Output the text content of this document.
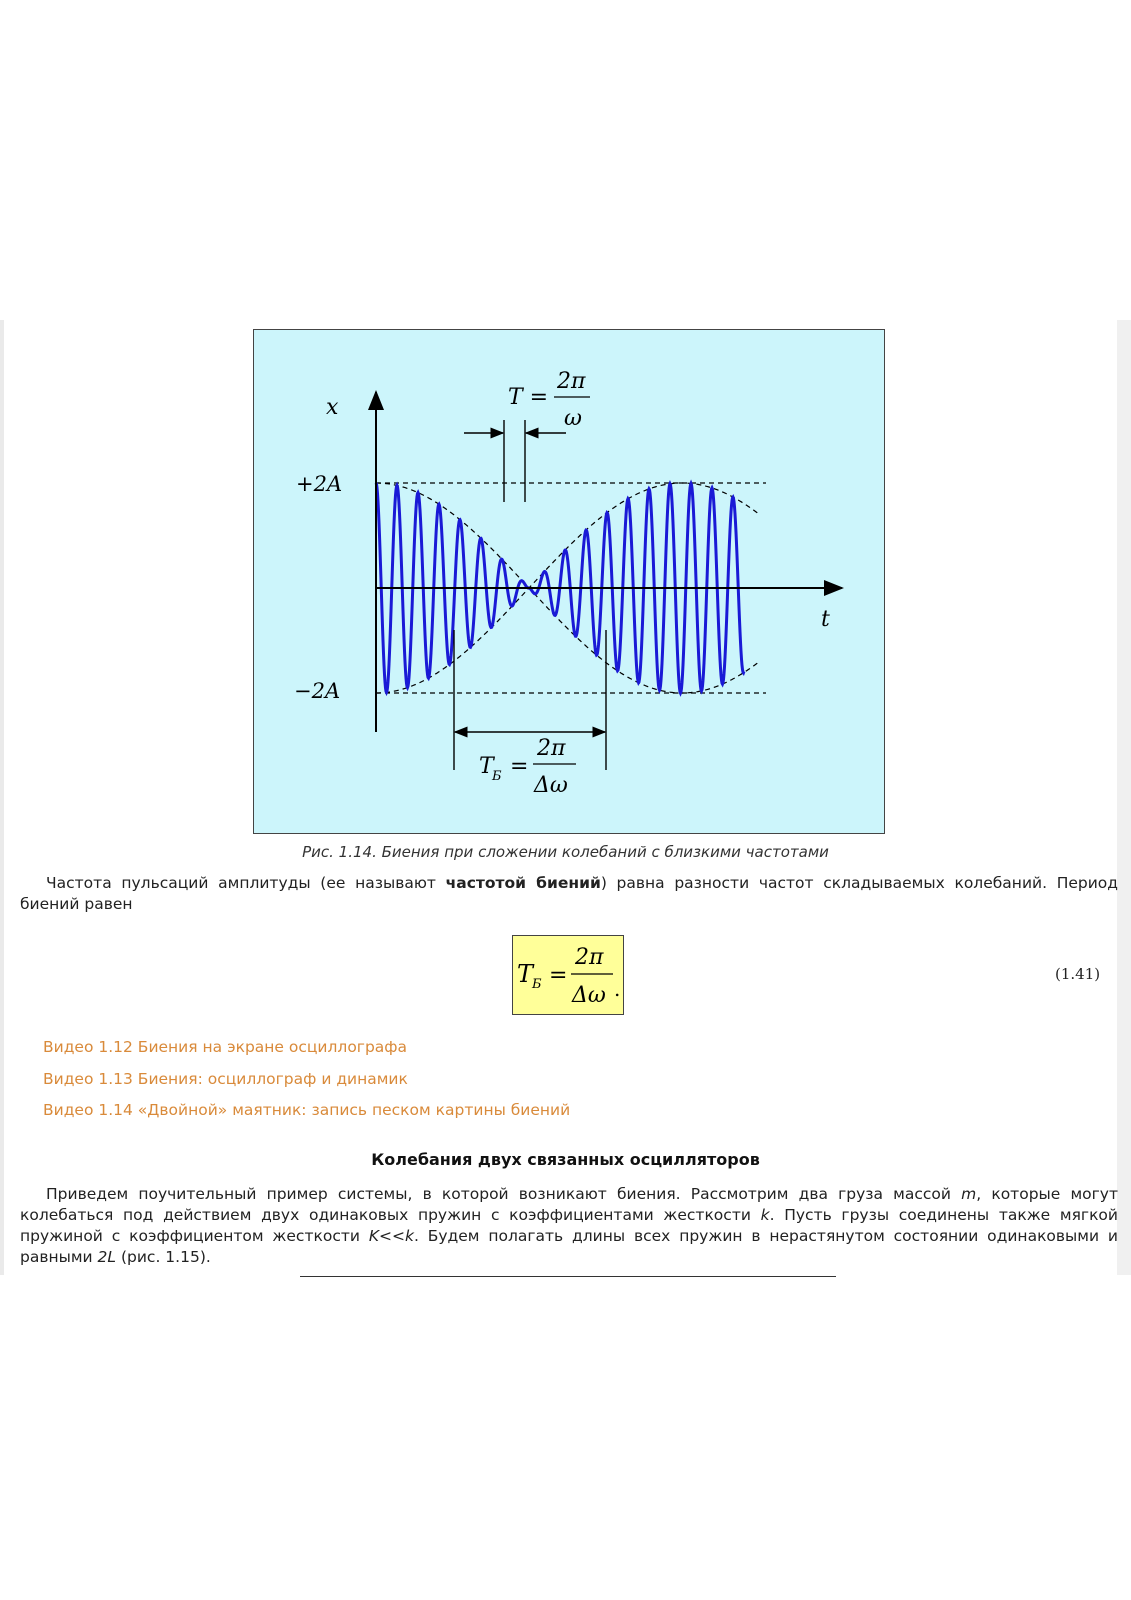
x
t
+2A
−2A
T =
2π
ω
T
Б =
2π
Δω
Рис. 1.14. Биения при сложении колебаний с близкими частотами
Частота пульсаций амплитуды (ее называют частотой биений) равна разности частот складываемых колебаний. Период биений равен
T
Б =
2π
Δω .
(1.41)
Видео 1.12 Биения на экране осциллографа
Видео 1.13 Биения: осциллограф и динамик
Видео 1.14 «Двойной» маятник: запись песком картины биений
Колебания двух связанных осцилляторов
Приведем поучительный пример системы, в которой возникают биения. Рассмотрим два груза массой m, которые могут колебаться под действием двух одинаковых пружин с коэффициентами жесткости k. Пусть грузы соединены также мягкой пружиной с коэффициентом жесткости K<<k. Будем полагать длины всех пружин в нерастянутом состоянии одинаковыми и равными 2L (рис. 1.15).
